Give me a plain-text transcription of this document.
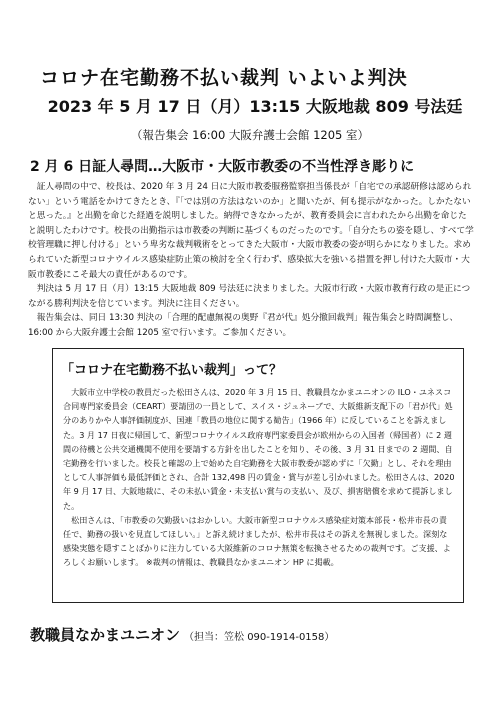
コロナ在宅勤務不払い裁判 いよいよ判決
2023 年 5 月 17 日（月）13:15 大阪地裁 809 号法廷
（報告集会 16:00 大阪弁護士会館 1205 室）
2 月 6 日証人尋問…大阪市・大阪市教委の不当性浮き彫りに

証人尋問の中で、校長は、2020 年 3 月 24 日に大阪市教委服務監察担当係長が「自宅での承認研修は認められない」という電話をかけてきたとき、『「では別の方法はないのか」と聞いたが、何も提示がなかった。しかたないと思った。』と出勤を命じた経過を説明しました。納得できなかったが、教育委員会に言われたから出勤を命じたと説明したわけです。校長の出勤指示は市教委の判断に基づくものだったのです。「自分たちの姿を隠し、すべて学校管理職に押し付ける」という卑劣な裁判戦術をとってきた大阪市・大阪市教委の姿が明らかになりました。求められていた新型コロナウイルス感染症防止策の検討を全く行わず、感染拡大を強いる措置を押し付けた大阪市・大阪市教委にこそ最大の責任があるのです。

判決は 5 月 17 日（月）13:15 大阪地裁 809 号法廷に決まりました。大阪市行政・大阪市教育行政の是正につながる勝利判決を信じています。判決に注目ください。

報告集会は、同日 13:30 判決の「合理的配慮無視の奥野『君が代』処分撤回裁判」報告集会と時間調整し、16:00 から大阪弁護士会館 1205 室で行います。ご参加ください。

「コロナ在宅勤務不払い裁判」って？

大阪市立中学校の教員だった松田さんは、2020 年 3 月 15 日、教職員なかまユニオンの ILO・ユネスコ合同専門家委員会（CEART）要請団の一員として、スイス・ジュネーブで、大阪維新支配下の「君が代」処分のありかや人事評価制度が、国連「教員の地位に関する勧告」（1966 年）に反していることを訴えました。3 月 17 日夜に帰国して、新型コロナウイルス政府専門家委員会が欧州からの入国者（帰国者）に 2 週間の待機と公共交通機関不使用を要請する方針を出したことを知り、その後、3 月 31 日までの 2 週間、自宅勤務を行いました。校長と確認の上で始めた自宅勤務を大阪市教委が認めずに「欠勤」とし、それを理由として人事評価も最低評価とされ、合計 132,498 円の賃金・賞与が差し引かれました。松田さんは、2020 年 9 月 17 日、大阪地裁に、その未払い賃金・未支払い賞与の支払い、及び、損害賠償を求めて提訴しました。

松田さんは、「市教委の欠勤扱いはおかしい。大阪市新型コロナウルス感染症対策本部長・松井市長の責任で、勤務の扱いを見直してほしい。」と訴え続けましたが、松井市長はその訴えを無視しました。深刻な感染実態を隠すことばかりに注力している大阪維新のコロナ無策を転換させるための裁判です。ご支援、よろしくお願いします。 ※裁判の情報は、教職員なかまユニオン HP に掲載。

教職員なかまユニオン （担当：笠松 090-1914-0158）
